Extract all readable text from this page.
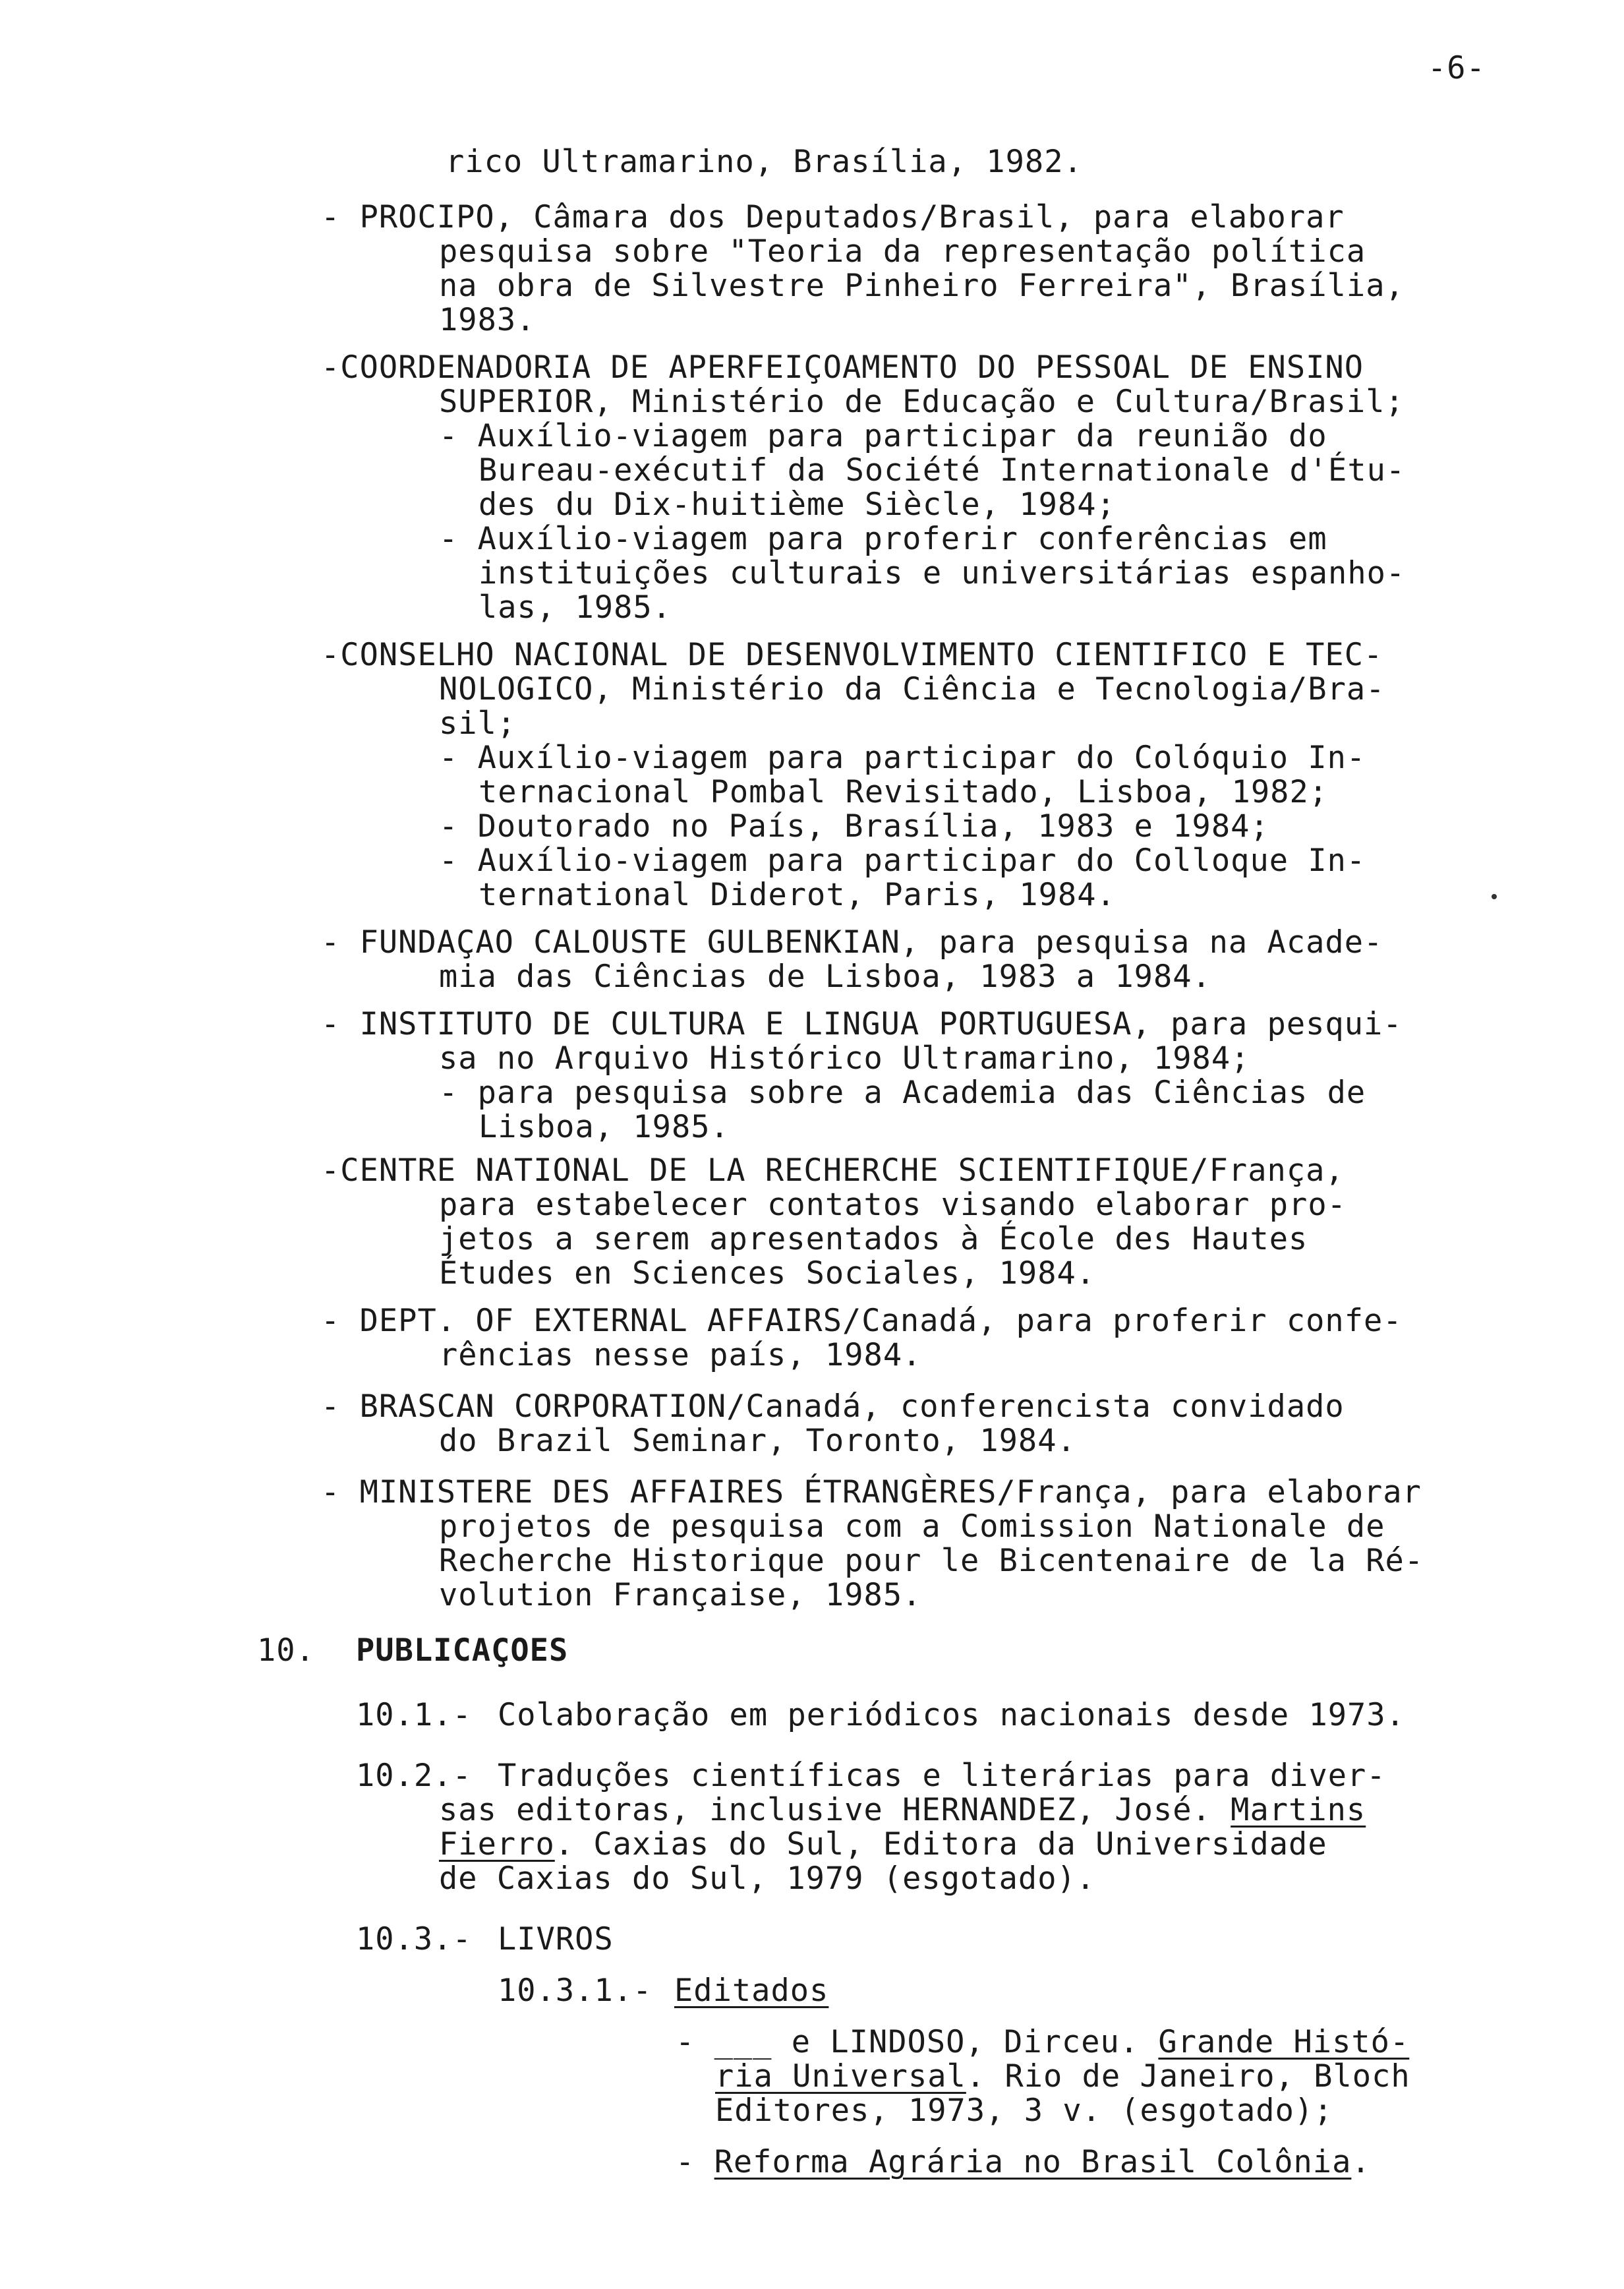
-6-
rico Ultramarino, Brasília, 1982.
- PROCIPO, Câmara dos Deputados/Brasil, para elaborar
pesquisa sobre "Teoria da representação política
na obra de Silvestre Pinheiro Ferreira", Brasília,
1983.
-COORDENADORIA DE APERFEIÇOAMENTO DO PESSOAL DE ENSINO
SUPERIOR, Ministério de Educação e Cultura/Brasil;
- Auxílio-viagem para participar da reunião do
Bureau-exécutif da Société Internationale d'Étu-
des du Dix-huitième Siècle, 1984;
- Auxílio-viagem para proferir conferências em
instituições culturais e universitárias espanho-
las, 1985.
-CONSELHO NACIONAL DE DESENVOLVIMENTO CIENTIFICO E TEC-
NOLOGICO, Ministério da Ciência e Tecnologia/Bra-
sil;
- Auxílio-viagem para participar do Colóquio In-
ternacional Pombal Revisitado, Lisboa, 1982;
- Doutorado no País, Brasília, 1983 e 1984;
- Auxílio-viagem para participar do Colloque In-
ternational Diderot, Paris, 1984.
- FUNDAÇAO CALOUSTE GULBENKIAN, para pesquisa na Acade-
mia das Ciências de Lisboa, 1983 a 1984.
- INSTITUTO DE CULTURA E LINGUA PORTUGUESA, para pesqui-
sa no Arquivo Histórico Ultramarino, 1984;
- para pesquisa sobre a Academia das Ciências de
Lisboa, 1985.
-CENTRE NATIONAL DE LA RECHERCHE SCIENTIFIQUE/França,
para estabelecer contatos visando elaborar pro-
jetos a serem apresentados à École des Hautes
Études en Sciences Sociales, 1984.
- DEPT. OF EXTERNAL AFFAIRS/Canadá, para proferir confe-
rências nesse país, 1984.
- BRASCAN CORPORATION/Canadá, conferencista convidado
do Brazil Seminar, Toronto, 1984.
- MINISTERE DES AFFAIRES ÉTRANGÈRES/França, para elaborar
projetos de pesquisa com a Comission Nationale de
Recherche Historique pour le Bicentenaire de la Ré-
volution Française, 1985.
10. PUBLICAÇOES
10.1.- Colaboração em periódicos nacionais desde 1973.
10.2.- Traduções científicas e literárias para diver-
sas editoras, inclusive HERNANDEZ, José. Martins
Fierro. Caxias do Sul, Editora da Universidade
de Caxias do Sul, 1979 (esgotado).
10.3.- LIVROS
10.3.1.- Editados
- ___ e LINDOSO, Dirceu. Grande Histó-
ria Universal. Rio de Janeiro, Bloch
Editores, 1973, 3 v. (esgotado);
- Reforma Agrária no Brasil Colônia.
